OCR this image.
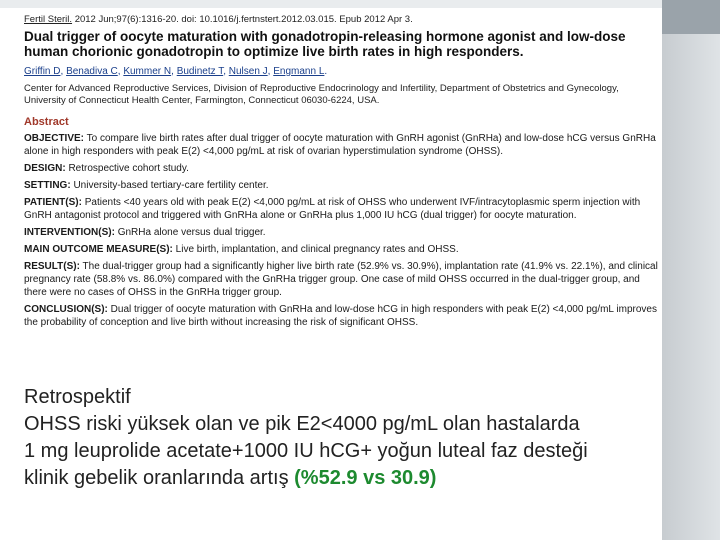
Fertil Steril. 2012 Jun;97(6):1316-20. doi: 10.1016/j.fertnstert.2012.03.015. Epub 2012 Apr 3.
Dual trigger of oocyte maturation with gonadotropin-releasing hormone agonist and low-dose human chorionic gonadotropin to optimize live birth rates in high responders.
Griffin D, Benadiva C, Kummer N, Budinetz T, Nulsen J, Engmann L.
Center for Advanced Reproductive Services, Division of Reproductive Endocrinology and Infertility, Department of Obstetrics and Gynecology, University of Connecticut Health Center, Farmington, Connecticut 06030-6224, USA.
Abstract
OBJECTIVE: To compare live birth rates after dual trigger of oocyte maturation with GnRH agonist (GnRHa) and low-dose hCG versus GnRHa alone in high responders with peak E(2) <4,000 pg/mL at risk of ovarian hyperstimulation syndrome (OHSS).
DESIGN: Retrospective cohort study.
SETTING: University-based tertiary-care fertility center.
PATIENT(S): Patients <40 years old with peak E(2) <4,000 pg/mL at risk of OHSS who underwent IVF/intracytoplasmic sperm injection with GnRH antagonist protocol and triggered with GnRHa alone or GnRHa plus 1,000 IU hCG (dual trigger) for oocyte maturation.
INTERVENTION(S): GnRHa alone versus dual trigger.
MAIN OUTCOME MEASURE(S): Live birth, implantation, and clinical pregnancy rates and OHSS.
RESULT(S): The dual-trigger group had a significantly higher live birth rate (52.9% vs. 30.9%), implantation rate (41.9% vs. 22.1%), and clinical pregnancy rate (58.8% vs. 86.0%) compared with the GnRHa trigger group. One case of mild OHSS occurred in the dual-trigger group, and there were no cases of OHSS in the GnRHa trigger group.
CONCLUSION(S): Dual trigger of oocyte maturation with GnRHa and low-dose hCG in high responders with peak E(2) <4,000 pg/mL improves the probability of conception and live birth without increasing the risk of significant OHSS.
Retrospektif
OHSS riski yüksek olan ve pik E2<4000 pg/mL olan hastalarda
1 mg leuprolide acetate+1000 IU hCG+ yoğun luteal faz desteği
klinik gebelik oranlarında artış (%52.9 vs 30.9)
